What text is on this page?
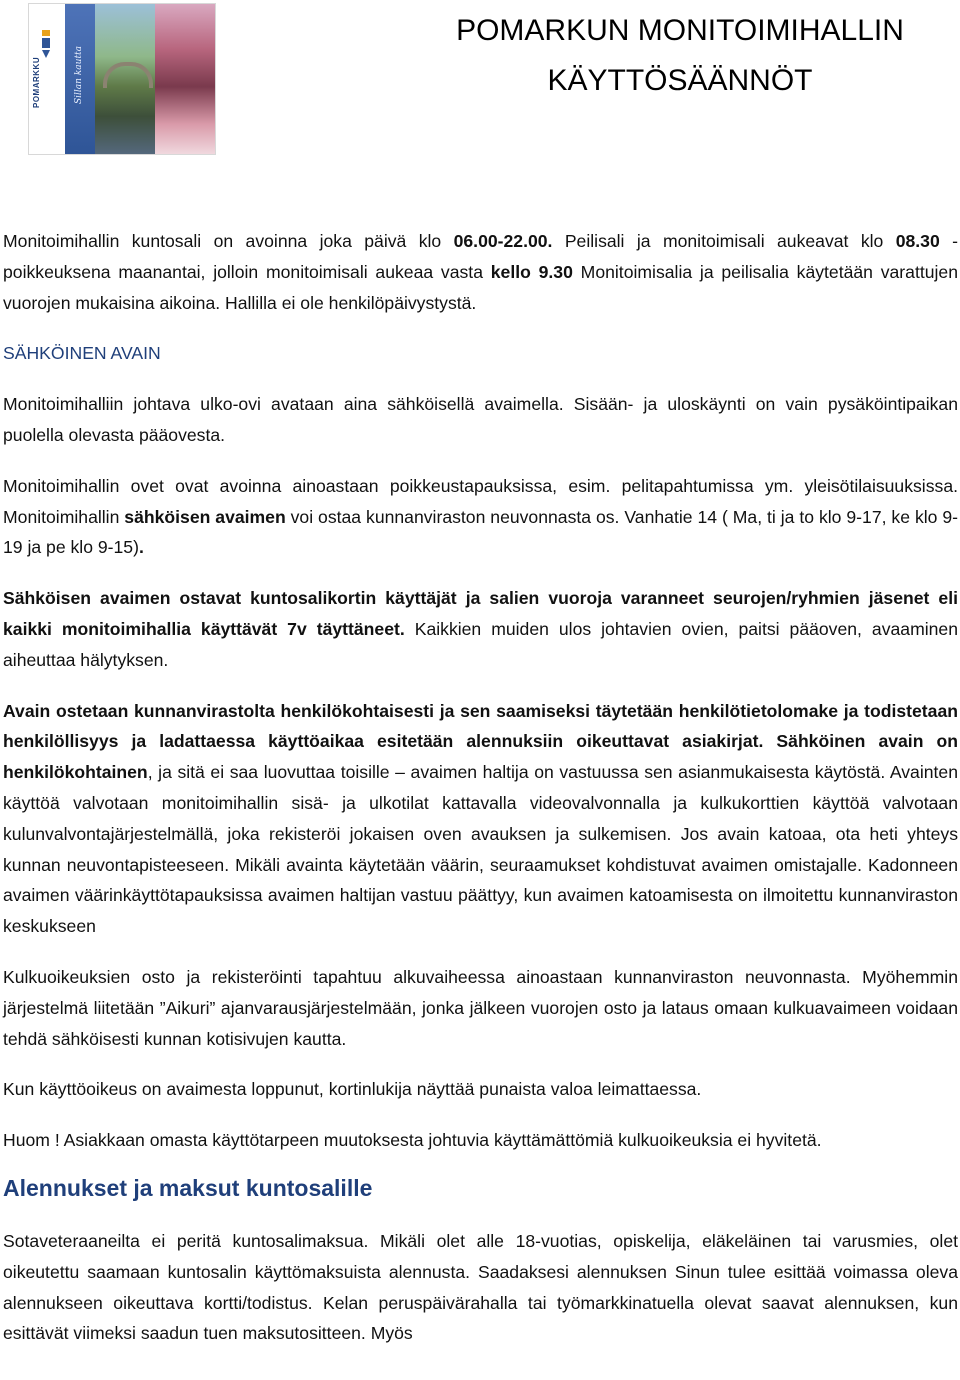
POMARKKU	Sillan kautta
POMARKUN MONITOIMIHALLIN
KÄYTTÖSÄÄNNÖT

Monitoimihallin kuntosali on avoinna joka päivä klo 06.00-22.00. Peilisali ja monitoimisali aukeavat klo 08.30 - poikkeuksena maanantai, jolloin monitoimisali aukeaa vasta kello 9.30 Monitoimisalia ja peilisalia käytetään varattujen vuorojen mukaisina aikoina. Hallilla ei ole henkilöpäivystystä.

SÄHKÖINEN AVAIN

Monitoimihalliin johtava ulko-ovi avataan aina sähköisellä avaimella. Sisään- ja uloskäynti on vain pysäköintipaikan puolella olevasta pääovesta.

Monitoimihallin ovet ovat avoinna ainoastaan poikkeustapauksissa, esim. pelitapahtumissa ym. yleisötilaisuuksissa. Monitoimihallin sähköisen avaimen voi ostaa kunnanviraston neuvonnasta os. Vanhatie 14 ( Ma, ti ja to klo 9-17, ke klo 9-19 ja pe klo 9-15).

Sähköisen avaimen ostavat kuntosalikortin käyttäjät ja salien vuoroja varanneet seurojen/ryhmien jäsenet eli kaikki monitoimihallia käyttävät 7v täyttäneet. Kaikkien muiden ulos johtavien ovien, paitsi pääoven, avaaminen aiheuttaa hälytyksen.

Avain ostetaan kunnanvirastolta henkilökohtaisesti ja sen saamiseksi täytetään henkilötietolomake ja todistetaan henkilöllisyys ja ladattaessa käyttöaikaa esitetään alennuksiin oikeuttavat asiakirjat. Sähköinen avain on henkilökohtainen, ja sitä ei saa luovuttaa toisille – avaimen haltija on vastuussa sen asianmukaisesta käytöstä. Avainten käyttöä valvotaan monitoimihallin sisä- ja ulkotilat kattavalla videovalvonnalla ja kulkukorttien käyttöä valvotaan kulunvalvontajärjestelmällä, joka rekisteröi jokaisen oven avauksen ja sulkemisen. Jos avain katoaa, ota heti yhteys kunnan neuvontapisteeseen. Mikäli avainta käytetään väärin, seuraamukset kohdistuvat avaimen omistajalle. Kadonneen avaimen väärinkäyttötapauksissa avaimen haltijan vastuu päättyy, kun avaimen katoamisesta on ilmoitettu kunnanviraston keskukseen

Kulkuoikeuksien osto ja rekisteröinti tapahtuu alkuvaiheessa ainoastaan kunnanviraston neuvonnasta. Myöhemmin järjestelmä liitetään ”Aikuri” ajanvarausjärjestelmään, jonka jälkeen vuorojen osto ja lataus omaan kulkuavaimeen voidaan tehdä sähköisesti kunnan kotisivujen kautta.

Kun käyttöoikeus on avaimesta loppunut, kortinlukija näyttää punaista valoa leimattaessa.

Huom ! Asiakkaan omasta käyttötarpeen muutoksesta johtuvia käyttämättömiä kulkuoikeuksia ei hyvitetä.

Alennukset ja maksut kuntosalille

Sotaveteraaneilta ei peritä kuntosalimaksua. Mikäli olet alle 18-vuotias, opiskelija, eläkeläinen tai varusmies, olet oikeutettu saamaan kuntosalin käyttömaksuista alennusta. Saadaksesi alennuksen Sinun tulee esittää voimassa oleva alennukseen oikeuttava kortti/todistus. Kelan peruspäivärahalla tai työmarkkinatuella olevat saavat alennuksen, kun esittävät viimeksi saadun tuen maksutositteen. Myös
